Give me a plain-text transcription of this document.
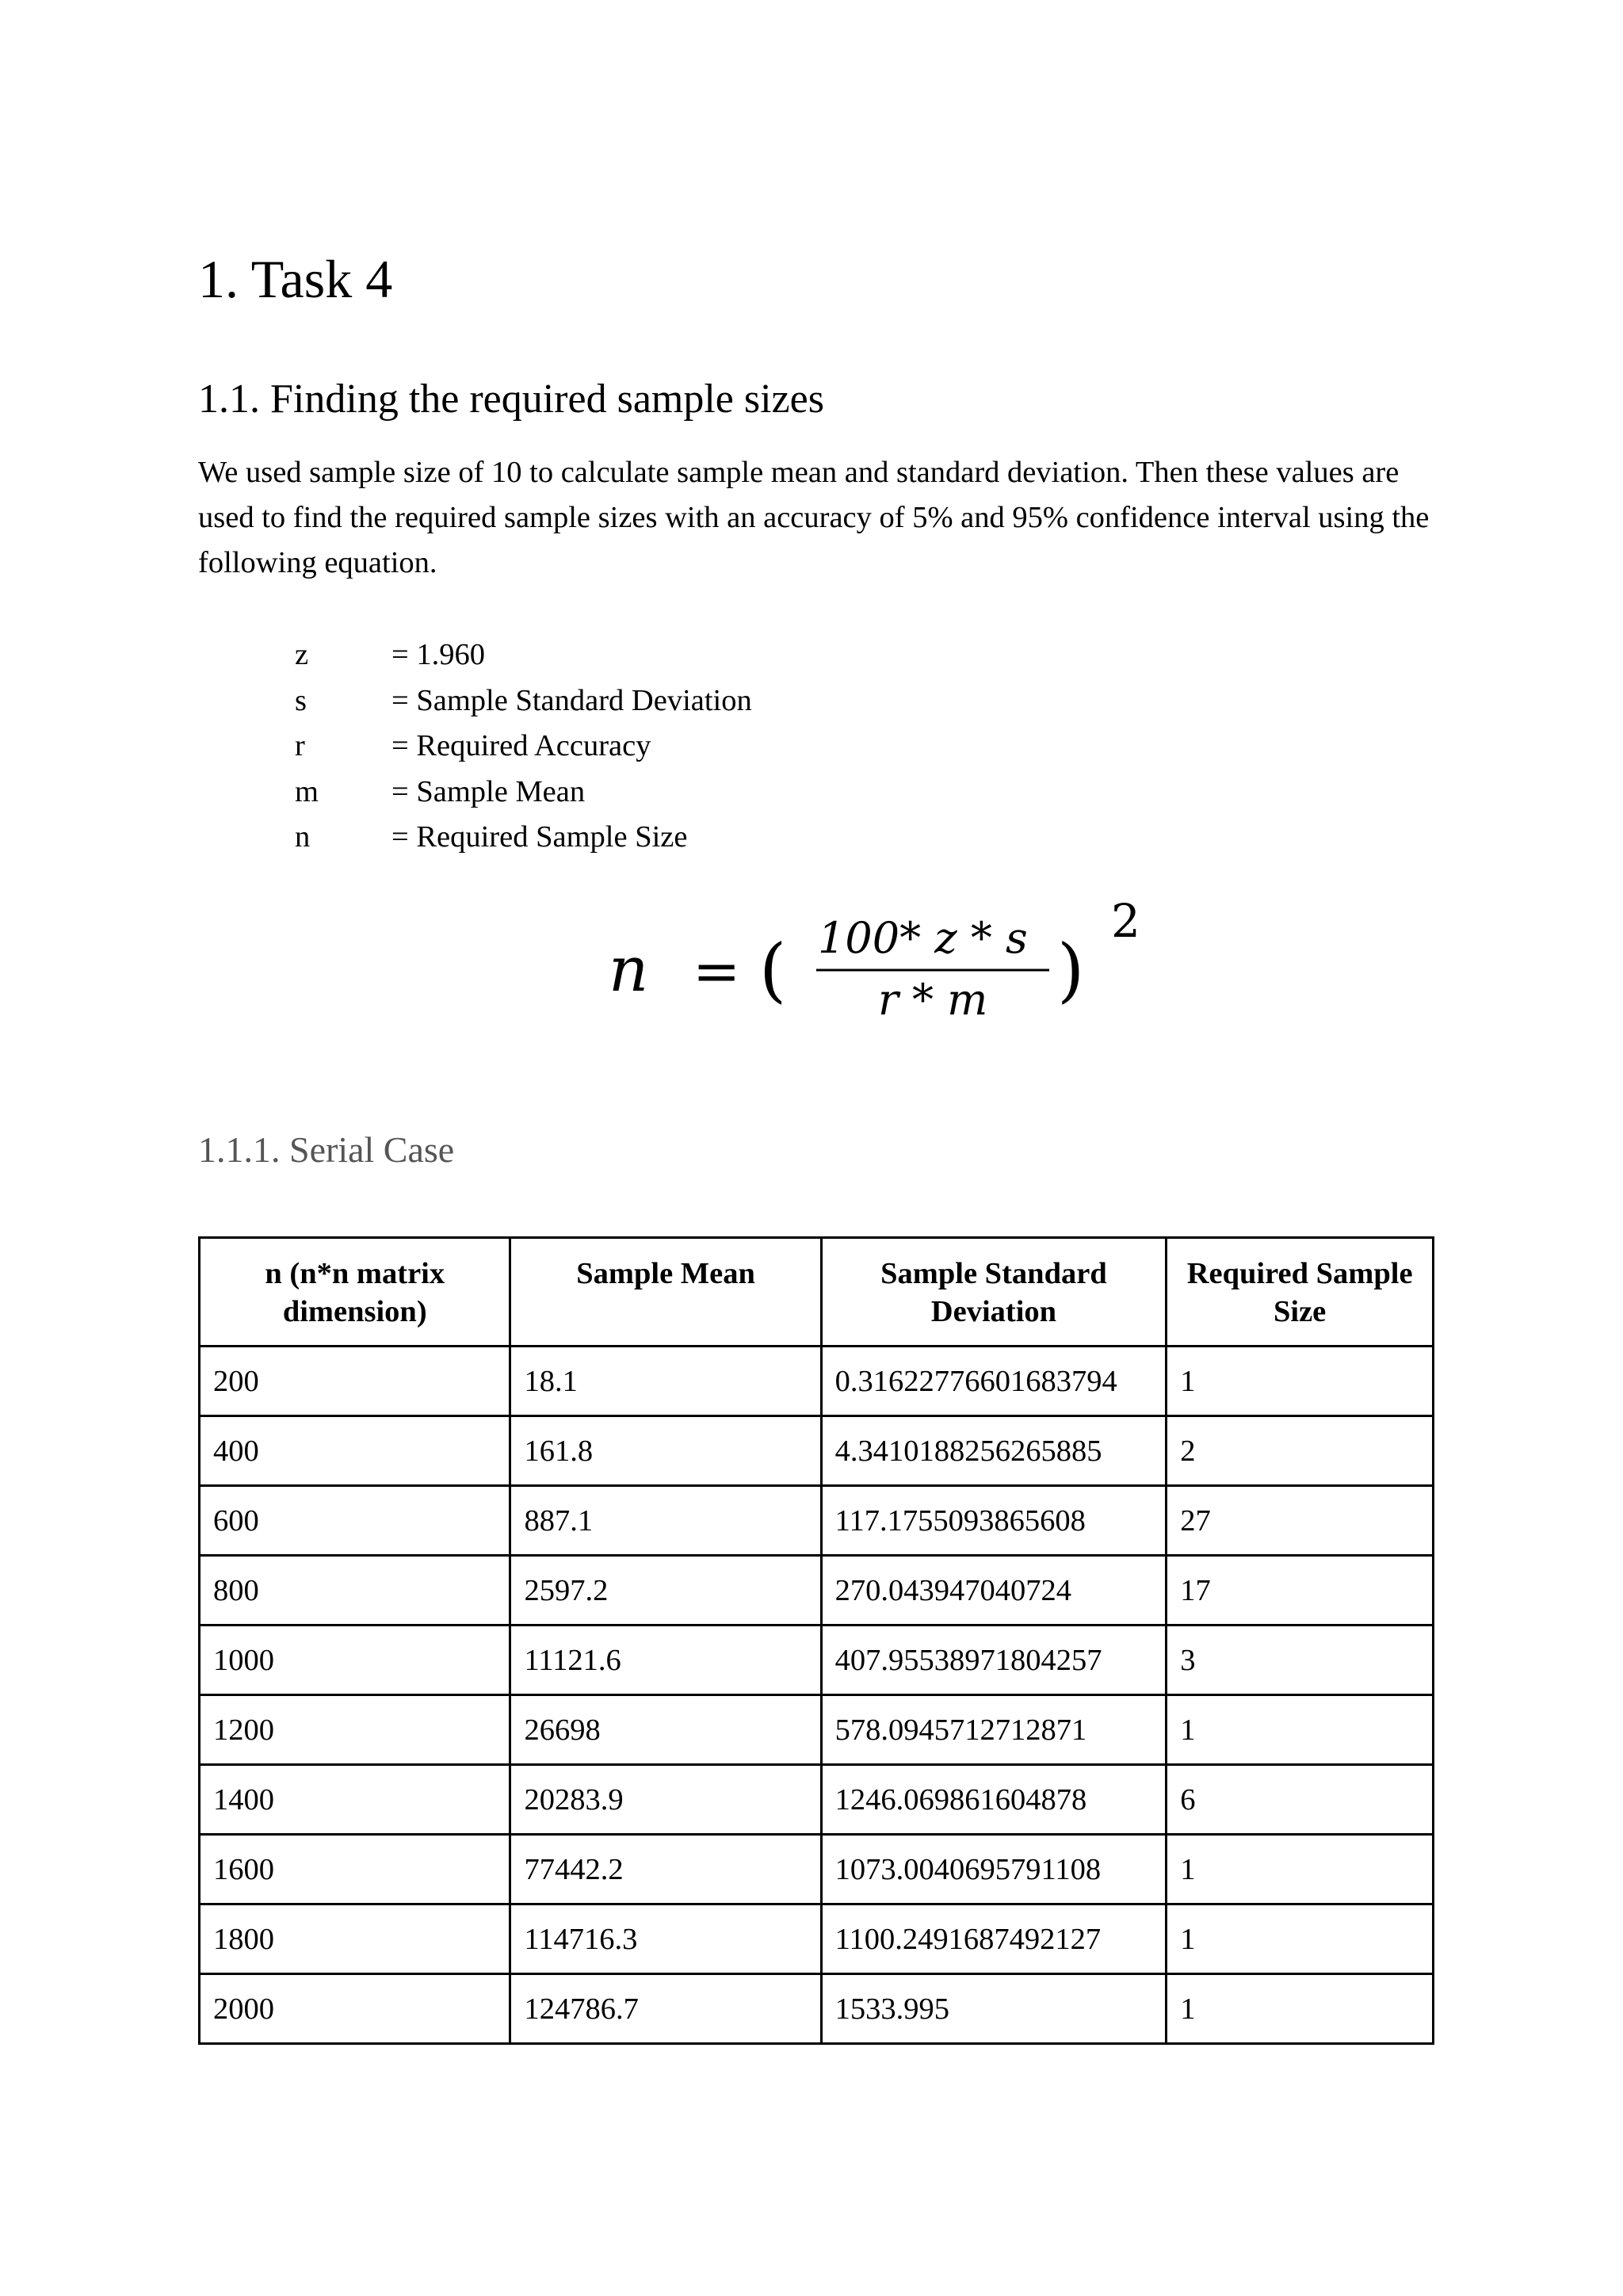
1. Task 4
1.1. Finding the required sample sizes

We used sample size of 10 to calculate sample mean and standard deviation. Then these values are used to find the required sample sizes with an accuracy of 5% and 95% confidence interval using the following equation.

z	= 1.960
s	= Sample Standard Deviation
r	= Required Accuracy
m	= Sample Mean
n	= Required Sample Size
n = ( 100* z * s
r * m )
2
1.1.1. Serial Case
n (n*n matrix dimension)	Sample Mean	Sample Standard Deviation	Required Sample Size
200	18.1	0.31622776601683794	1
400	161.8	4.3410188256265885	2
600	887.1	117.1755093865608	27
800	2597.2	270.043947040724	17
1000	11121.6	407.95538971804257	3
1200	26698	578.0945712712871	1
1400	20283.9	1246.069861604878	6
1600	77442.2	1073.0040695791108	1
1800	114716.3	1100.2491687492127	1
2000	124786.7	1533.995	1
